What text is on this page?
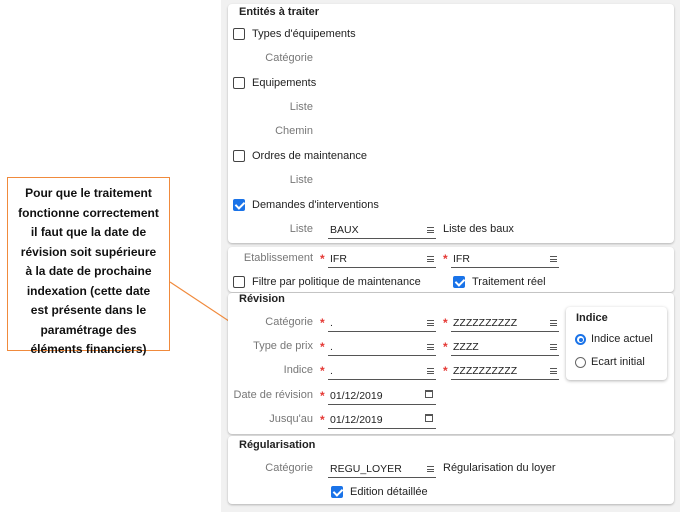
Pour que le traitement
fonctionne correctement
il faut que la date de
révision soit supérieure
à la date de prochaine
indexation (cette date
est présente dans le
paramétrage des
éléments financiers)
Entités à traiter
Types d'équipements
Catégorie
Equipements
Liste
Chemin
Ordres de maintenance
Liste
Demandes d'interventions
Liste BAUX	Liste des baux
Etablissement * IFR	* IFR
Filtre par politique de maintenance	Traitement réel
Révision
Catégorie * .	* ZZZZZZZZZZ
Type de prix * .	* ZZZZ
Indice * .	* ZZZZZZZZZZ
Date de révision * 01/12/2019
Jusqu'au * 01/12/2019
Indice
Indice actuel
Ecart initial
Régularisation
Catégorie REGU_LOYER	Régularisation du loyer
Edition détaillée
